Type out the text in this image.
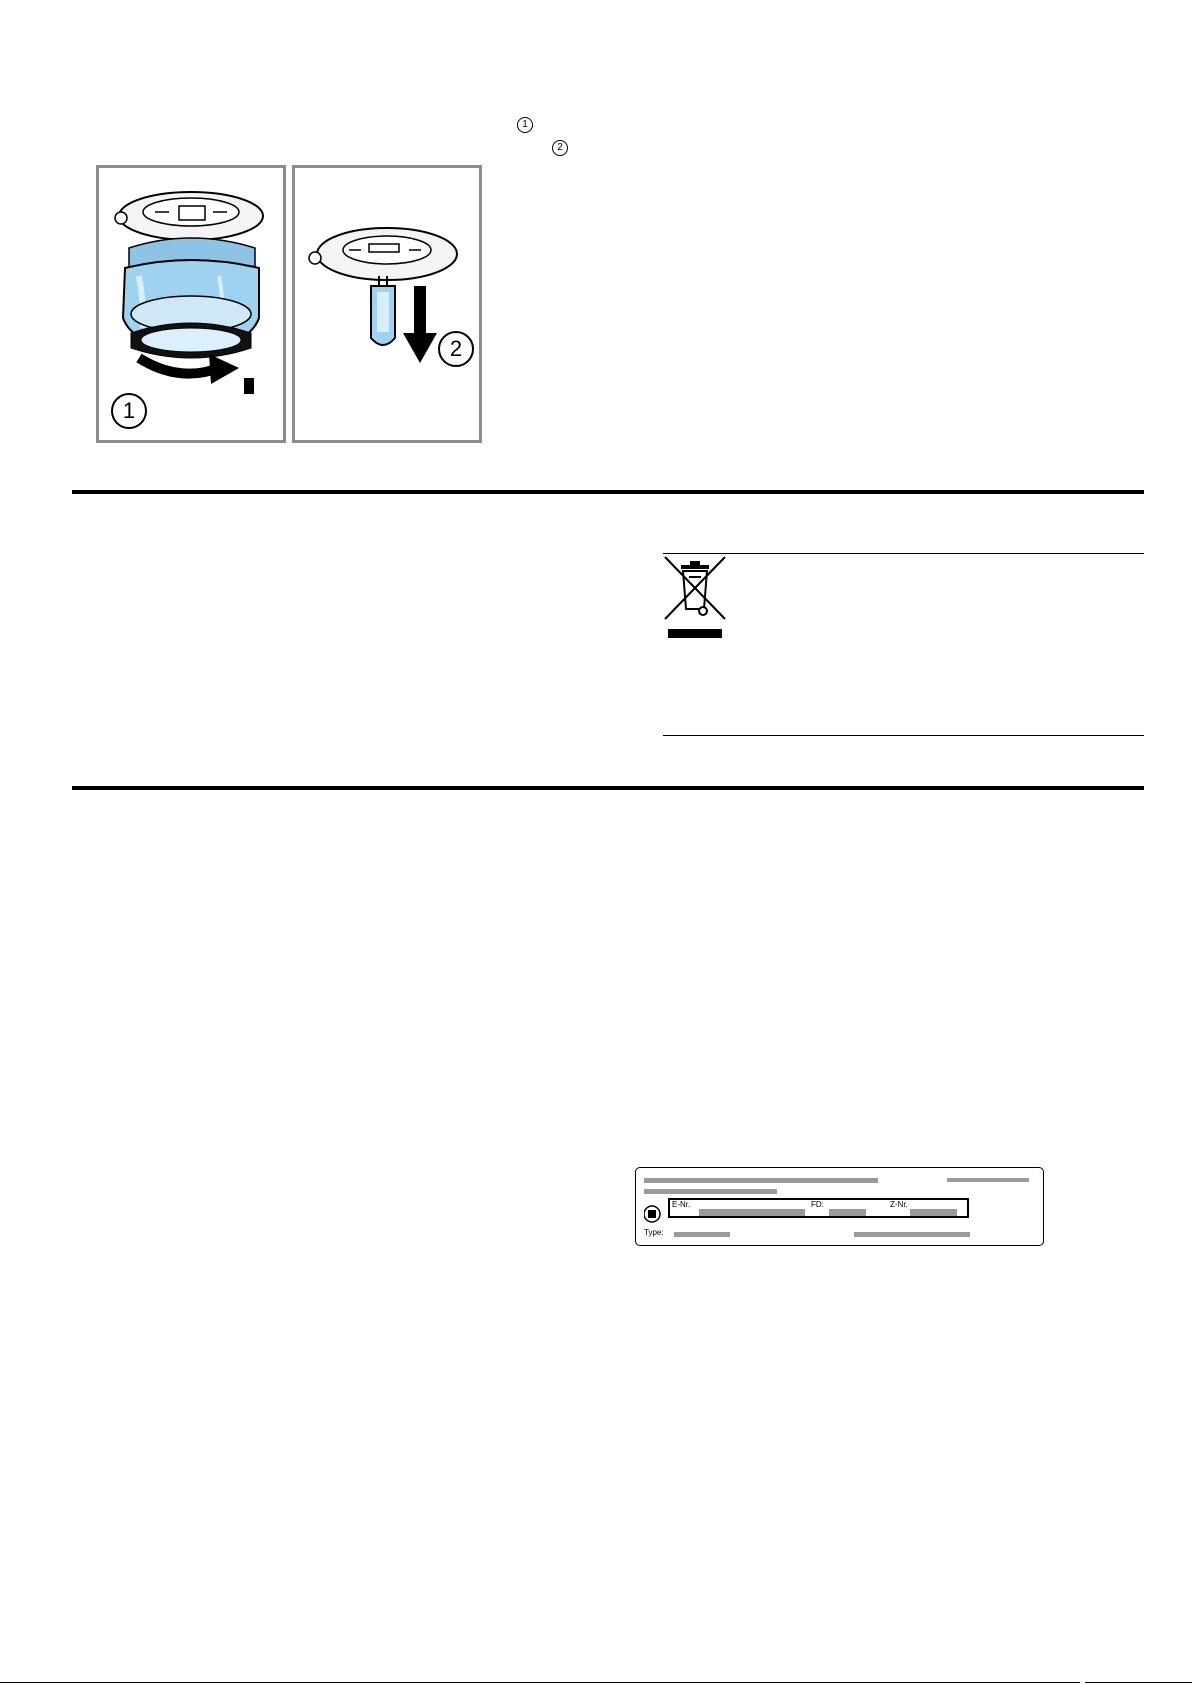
1
2
1
2
E-Nr.	FD:	Z-Nr.
Type:
